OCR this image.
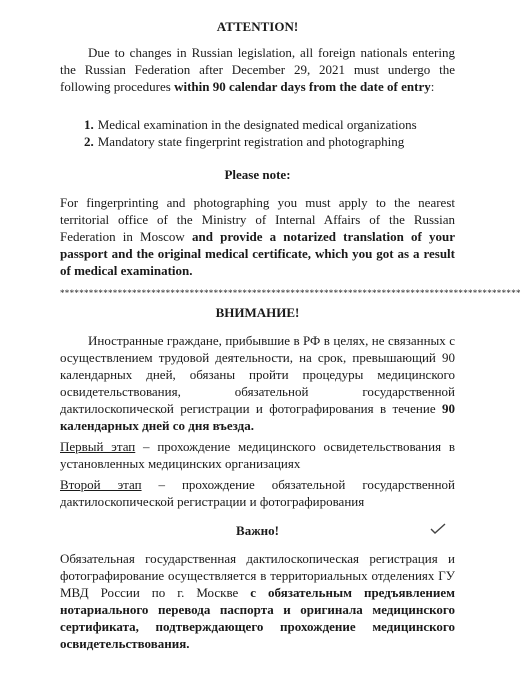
ATTENTION!

Due to changes in Russian legislation, all foreign nationals entering the Russian Federation after December 29, 2021 must undergo the following procedures within 90 calendar days from the date of entry:

1. Medical examination in the designated medical organizations
2. Mandatory state fingerprint registration and photographing

Please note:

For fingerprinting and photographing you must apply to the nearest territorial office of the Ministry of Internal Affairs of the Russian Federation in Moscow and provide a notarized translation of your passport and the original medical certificate, which you got as a result of medical examination.

************************************************************************************************

ВНИМАНИЕ!

Иностранные граждане, прибывшие в РФ в целях, не связанных с осуществлением трудовой деятельности, на срок, превышающий 90 календарных дней, обязаны пройти процедуры медицинского освидетельствования, обязательной государственной дактилоскопической регистрации и фотографирования в течение 90 календарных дней со дня въезда.

Первый этап – прохождение медицинского освидетельствования в установленных медицинских организациях

Второй этап – прохождение обязательной государственной дактилоскопической регистрации и фотографирования

Важно!

Обязательная государственная дактилоскопическая регистрация и фотографирование осуществляется в территориальных отделениях ГУ МВД России по г. Москве с обязательным предъявлением нотариального перевода паспорта и оригинала медицинского сертификата, подтверждающего прохождение медицинского освидетельствования.
